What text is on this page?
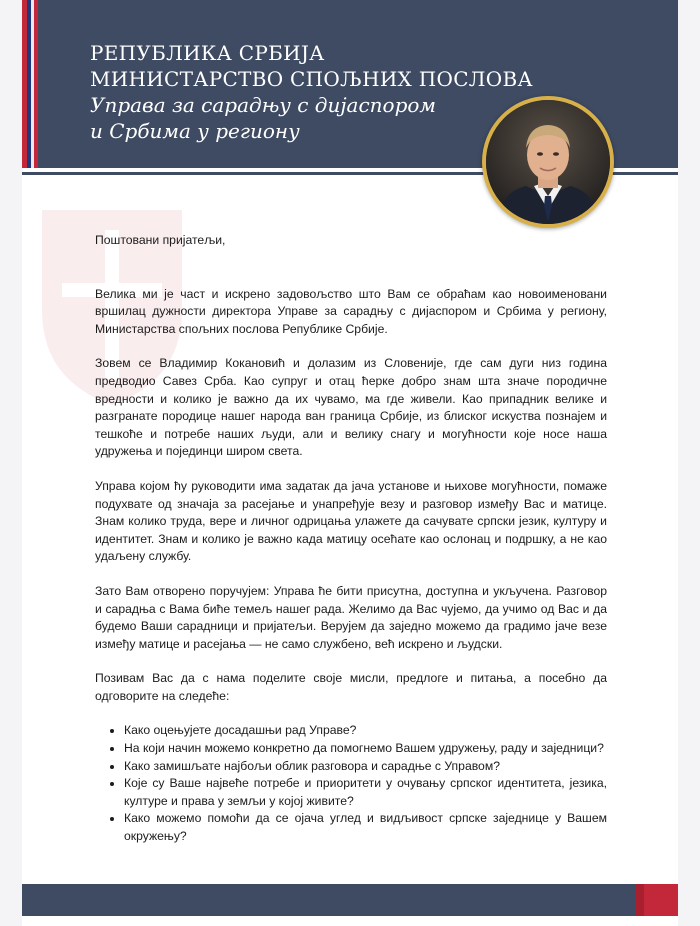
РЕПУБЛИКА СРБИЈА
МИНИСТАРСТВО СПОЉНИХ ПОСЛОВА
Управа за сарадњу с дијаспором
и Србима у региону

Поштовани пријатељи,

Велика ми је част и искрено задовољство што Вам се обраћам као новоименовани вршилац дужности директора Управе за сарадњу с дијаспором и Србима у региону, Министарства спољних послова Републике Србије.

Зовем се Владимир Кокановић и долазим из Словеније, где сам дуги низ година предводио Савез Срба. Као супруг и отац ћерке добро знам шта значе породичне вредности и колико је важно да их чувамо, ма где живели. Као припадник велике и разгранате породице нашег народа ван граница Србије, из блиског искуства познајем и тешкоће и потребе наших људи, али и велику снагу и могућности које носе наша удружења и појединци широм света.

Управа којом ћу руководити има задатак да јача установе и њихове могућности, помаже подухвате од значаја за расејање и унапређује везу и разговор између Вас и матице. Знам колико труда, вере и личног одрицања улажете да сачувате српски језик, културу и идентитет. Знам и колико је важно када матицу осећате као ослонац и подршку, а не као удаљену службу.

Зато Вам отворено поручујем: Управа ће бити присутна, доступна и укључена. Разговор и сарадња с Вама биће темељ нашег рада. Желимо да Вас чујемо, да учимо од Вас и да будемо Ваши сарадници и пријатељи. Верујем да заједно можемо да градимо јаче везе између матице и расејања — не само службено, већ искрено и људски.

Позивам Вас да с нама поделите своје мисли, предлоге и питања, а посебно да одговорите на следеће:

• Како оцењујете досадашњи рад Управе?
• На који начин можемо конкретно да помогнемо Вашем удружењу, раду и заједници?
• Како замишљате најбољи облик разговора и сарадње с Управом?
• Које су Ваше највеће потребе и приоритети у очувању српског идентитета, језика, културе и права у земљи у којој живите?
• Како можемо помоћи да се ојача углед и видљивост српске заједнице у Вашем окружењу?
